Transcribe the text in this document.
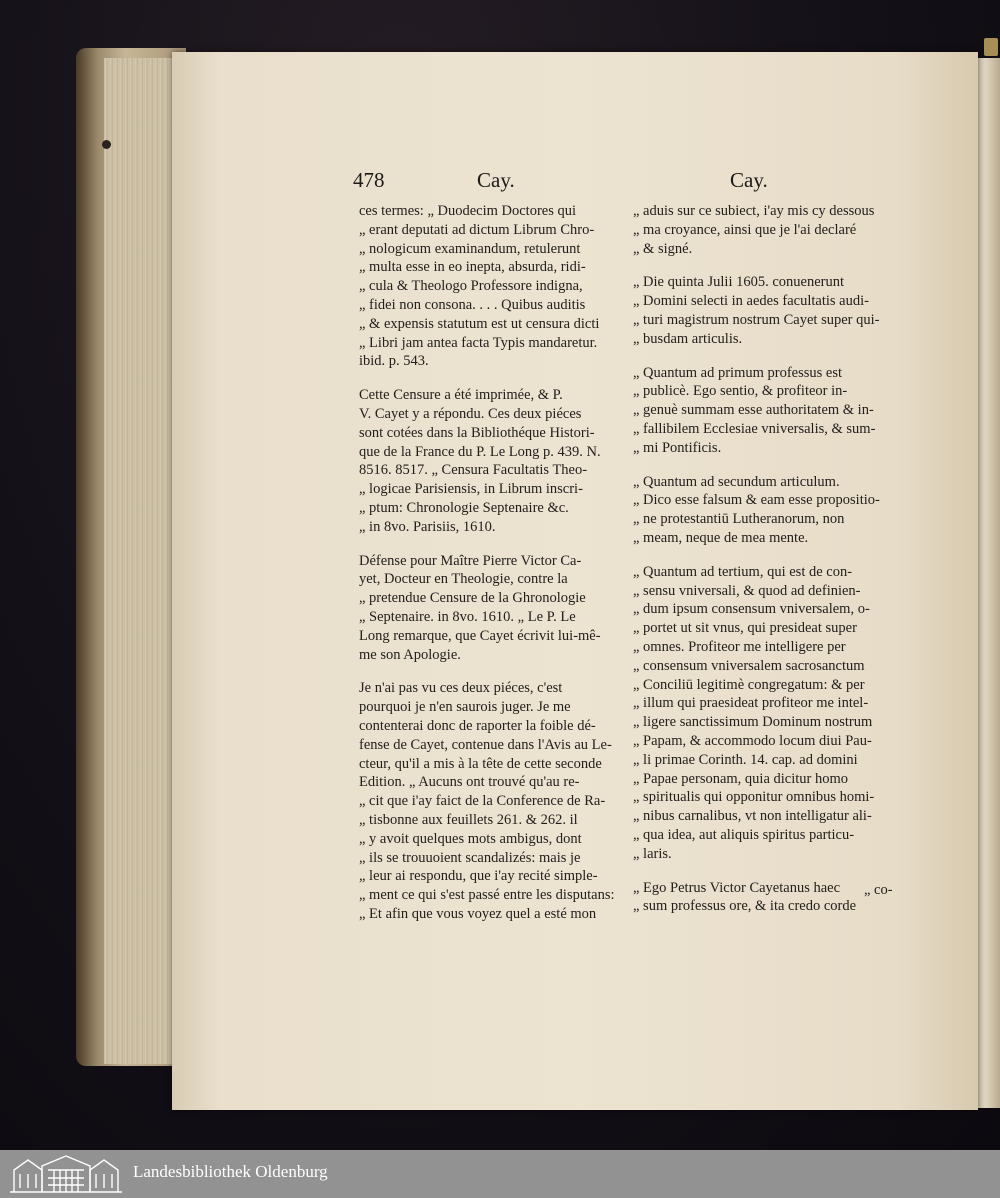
478	Cay.	Cay.

ces termes: „ Duodecim Doctores qui
„ erant deputati ad dictum Librum Chro-
„ nologicum examinandum, retulerunt
„ multa esse in eo inepta, absurda, ridi-
„ cula & Theologo Professore indigna,
„ fidei non consona. . . . Quibus auditis
„ & expensis statutum est ut censura dicti
„ Libri jam antea facta Typis mandaretur.
ibid. p. 543.

Cette Censure a été imprimée, & P.
V. Cayet y a répondu. Ces deux piéces
sont cotées dans la Bibliothéque Histori-
que de la France du P. Le Long p. 439. N.
8516. 8517. „ Censura Facultatis Theo-
„ logicae Parisiensis, in Librum inscri-
„ ptum: Chronologie Septenaire &c.
„ in 8vo. Parisiis, 1610.

Défense pour Maître Pierre Victor Ca-
yet, Docteur en Theologie, contre la
„ pretendue Censure de la Ghronologie
„ Septenaire. in 8vo. 1610. „ Le P. Le
Long remarque, que Cayet écrivit lui-mê-
me son Apologie.

Je n'ai pas vu ces deux piéces, c'est
pourquoi je n'en saurois juger. Je me
contenterai donc de raporter la foible dé-
fense de Cayet, contenue dans l'Avis au Le-
cteur, qu'il a mis à la tête de cette seconde
Edition. „ Aucuns ont trouvé qu'au re-
„ cit que i'ay faict de la Conference de Ra-
„ tisbonne aux feuillets 261. & 262. il
„ y avoit quelques mots ambigus, dont
„ ils se trouuoient scandalizés: mais je
„ leur ai respondu, que i'ay recité simple-
„ ment ce qui s'est passé entre les disputans:
„ Et afin que vous voyez quel a esté mon

„ aduis sur ce subiect, i'ay mis cy dessous
„ ma croyance, ainsi que je l'ai declaré
„ & signé.

„ Die quinta Julii 1605. conuenerunt
„ Domini selecti in aedes facultatis audi-
„ turi magistrum nostrum Cayet super qui-
„ busdam articulis.

„ Quantum ad primum professus est
„ publicè. Ego sentio, & profiteor in-
„ genuè summam esse authoritatem & in-
„ fallibilem Ecclesiae vniversalis, & sum-
„ mi Pontificis.

„ Quantum ad secundum articulum.
„ Dico esse falsum & eam esse propositio-
„ ne protestantiū Lutheranorum, non
„ meam, neque de mea mente.

„ Quantum ad tertium, qui est de con-
„ sensu vniversali, & quod ad definien-
„ dum ipsum consensum vniversalem, o-
„ portet ut sit vnus, qui presideat super
„ omnes. Profiteor me intelligere per
„ consensum vniversalem sacrosanctum
„ Conciliū legitimè congregatum: & per
„ illum qui praesideat profiteor me intel-
„ ligere sanctissimum Dominum nostrum
„ Papam, & accommodo locum diui Pau-
„ li primae Corinth. 14. cap. ad domini
„ Papae personam, quia dicitur homo
„ spiritualis qui opponitur omnibus homi-
„ nibus carnalibus, vt non intelligatur ali-
„ qua idea, aut aliquis spiritus particu-
„ laris.

„ Ego Petrus Victor Cayetanus haec
„ sum professus ore, & ita credo corde

„ co-
Landesbibliothek Oldenburg
